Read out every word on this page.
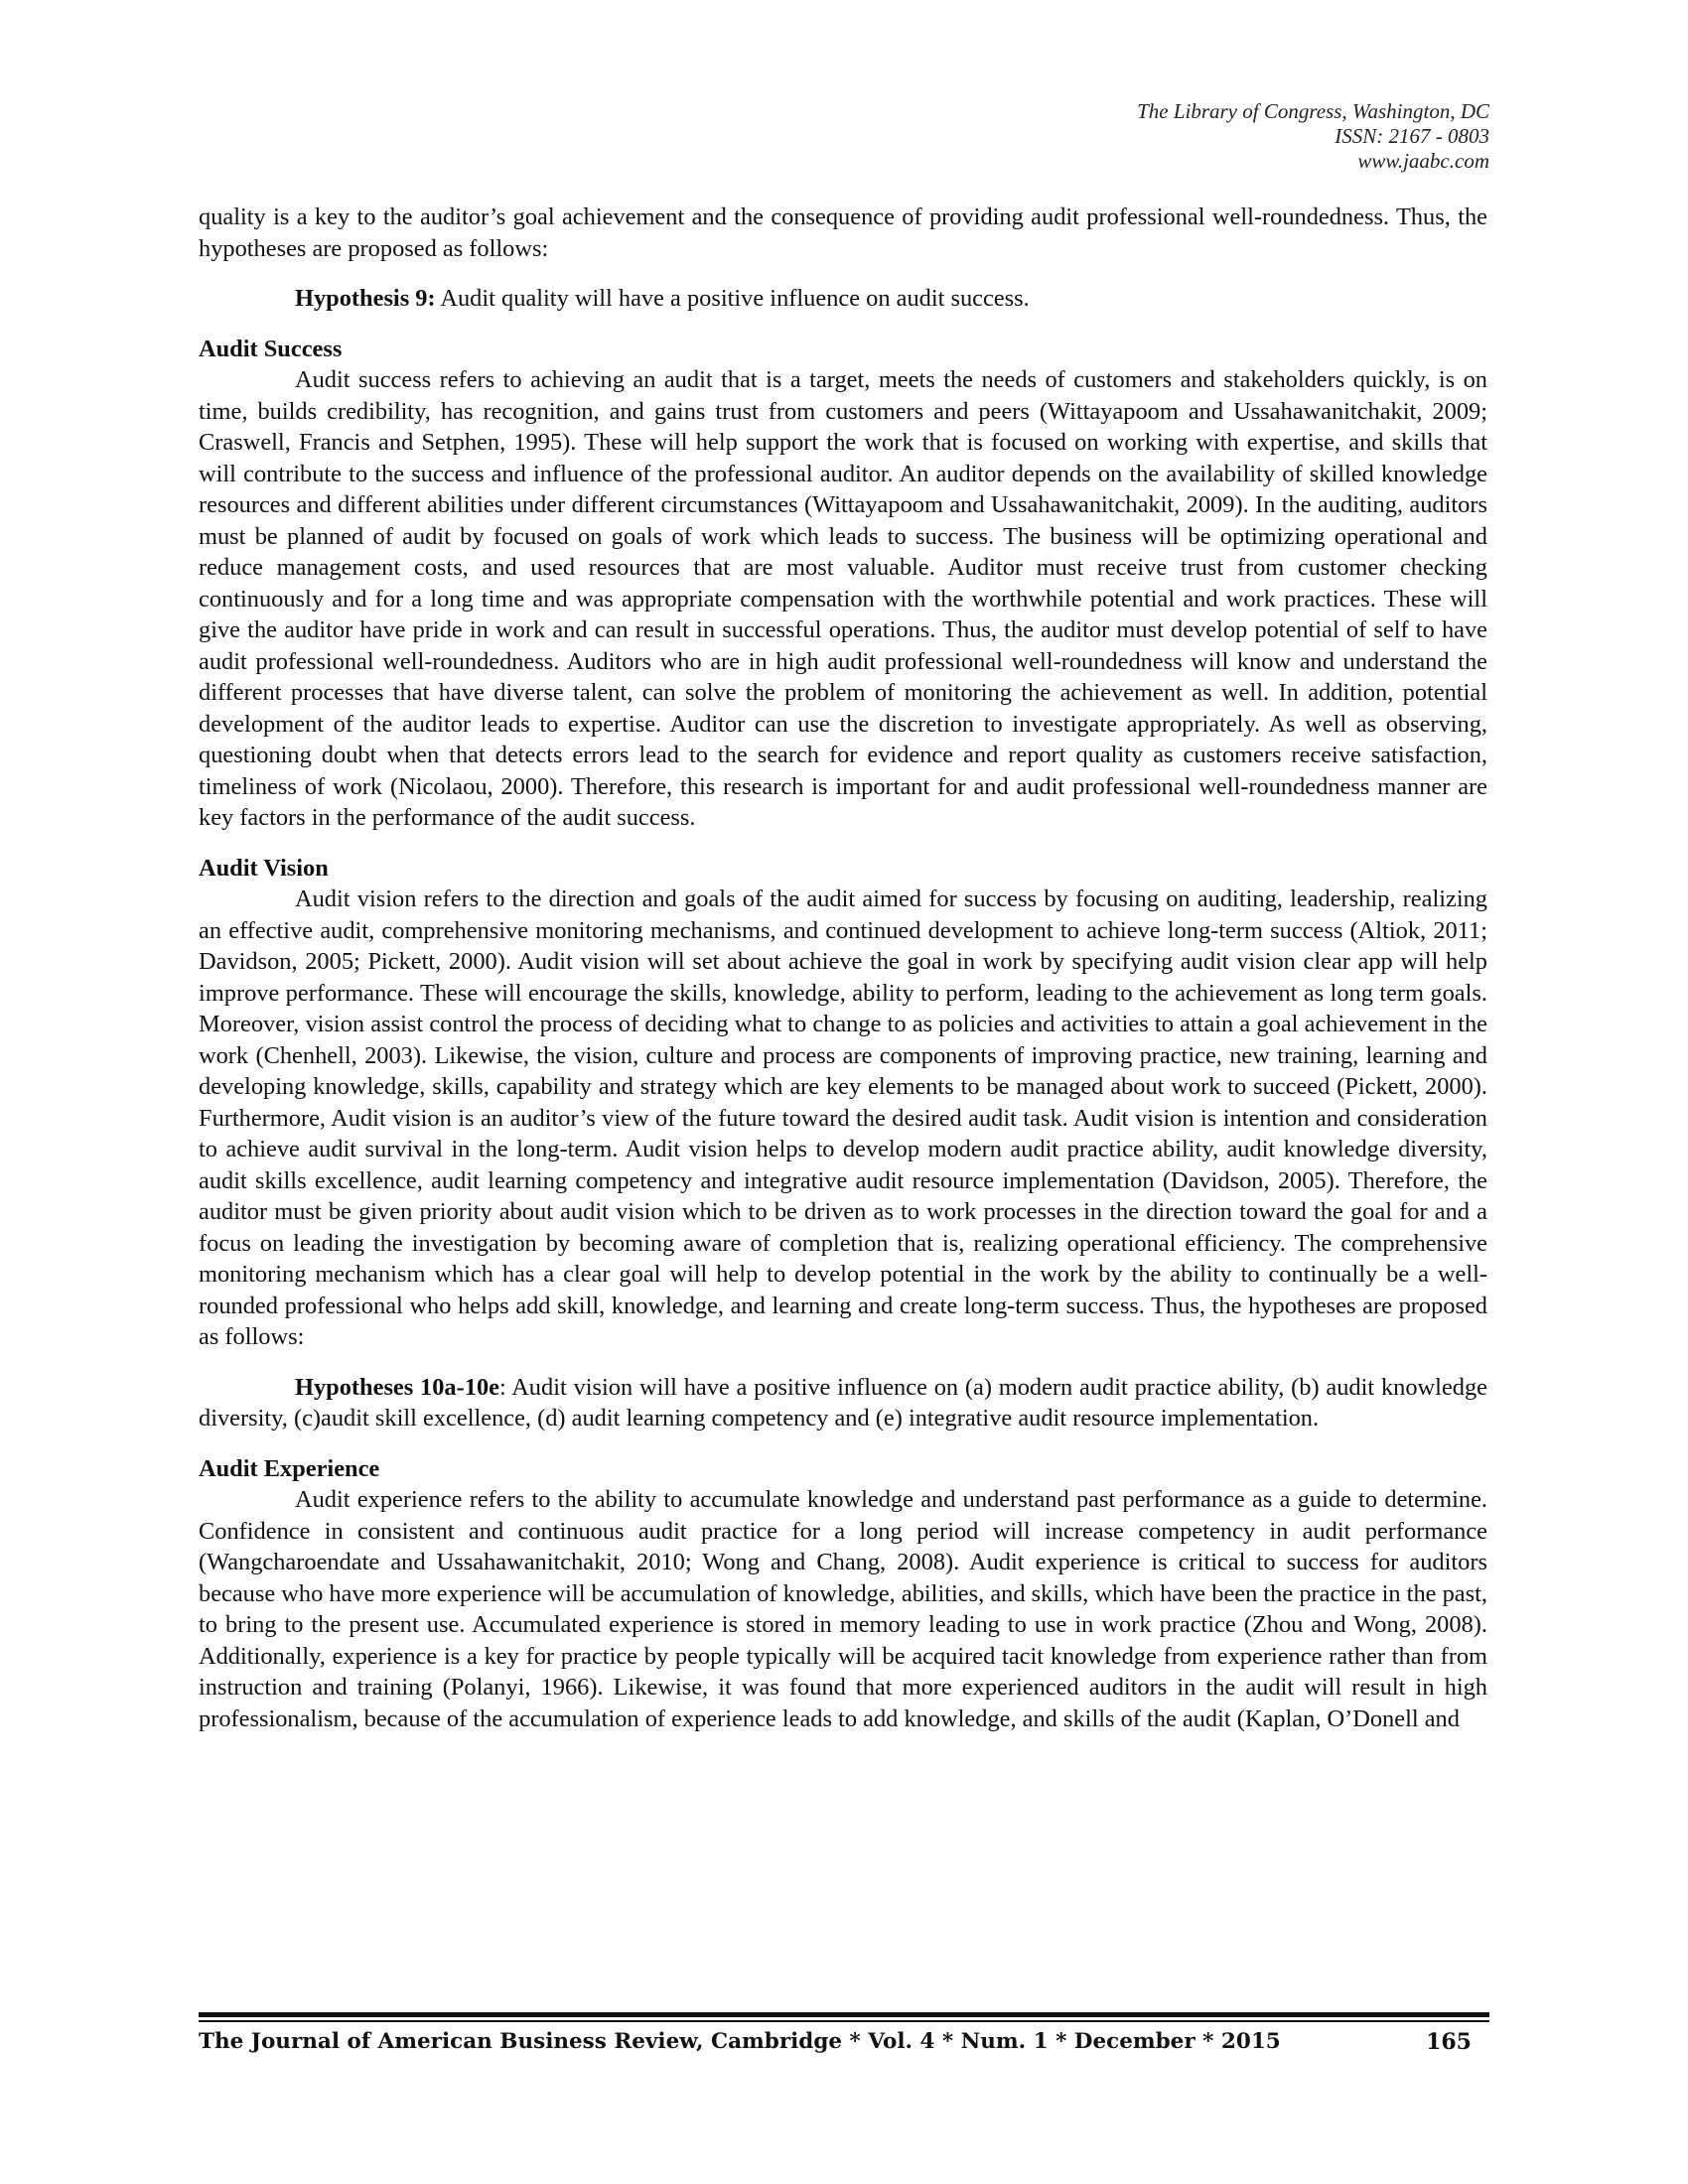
The Library of Congress, Washington, DC
ISSN: 2167 - 0803
www.jaabc.com

quality is a key to the auditor’s goal achievement and the consequence of providing audit professional well-roundedness. Thus, the hypotheses are proposed as follows:

Hypothesis 9: Audit quality will have a positive influence on audit success.

Audit Success

Audit success refers to achieving an audit that is a target, meets the needs of customers and stakeholders quickly, is on time, builds credibility, has recognition, and gains trust from customers and peers (Wittayapoom and Ussahawanitchakit, 2009; Craswell, Francis and Setphen, 1995). These will help support the work that is focused on working with expertise, and skills that will contribute to the success and influence of the professional auditor. An auditor depends on the availability of skilled knowledge resources and different abilities under different circumstances (Wittayapoom and Ussahawanitchakit, 2009). In the auditing, auditors must be planned of audit by focused on goals of work which leads to success. The business will be optimizing operational and reduce management costs, and used resources that are most valuable. Auditor must receive trust from customer checking continuously and for a long time and was appropriate compensation with the worthwhile potential and work practices. These will give the auditor have pride in work and can result in successful operations. Thus, the auditor must develop potential of self to have audit professional well-roundedness. Auditors who are in high audit professional well-roundedness will know and understand the different processes that have diverse talent, can solve the problem of monitoring the achievement as well. In addition, potential development of the auditor leads to expertise. Auditor can use the discretion to investigate appropriately. As well as observing, questioning doubt when that detects errors lead to the search for evidence and report quality as customers receive satisfaction, timeliness of work (Nicolaou, 2000). Therefore, this research is important for and audit professional well-roundedness manner are key factors in the performance of the audit success.

Audit Vision

Audit vision refers to the direction and goals of the audit aimed for success by focusing on auditing, leadership, realizing an effective audit, comprehensive monitoring mechanisms, and continued development to achieve long-term success (Altiok, 2011; Davidson, 2005; Pickett, 2000). Audit vision will set about achieve the goal in work by specifying audit vision clear app will help improve performance. These will encourage the skills, knowledge, ability to perform, leading to the achievement as long term goals. Moreover, vision assist control the process of deciding what to change to as policies and activities to attain a goal achievement in the work (Chenhell, 2003). Likewise, the vision, culture and process are components of improving practice, new training, learning and developing knowledge, skills, capability and strategy which are key elements to be managed about work to succeed (Pickett, 2000). Furthermore, Audit vision is an auditor’s view of the future toward the desired audit task. Audit vision is intention and consideration to achieve audit survival in the long-term. Audit vision helps to develop modern audit practice ability, audit knowledge diversity, audit skills excellence, audit learning competency and integrative audit resource implementation (Davidson, 2005). Therefore, the auditor must be given priority about audit vision which to be driven as to work processes in the direction toward the goal for and a focus on leading the investigation by becoming aware of completion that is, realizing operational efficiency. The comprehensive monitoring mechanism which has a clear goal will help to develop potential in the work by the ability to continually be a well-rounded professional who helps add skill, knowledge, and learning and create long-term success. Thus, the hypotheses are proposed as follows:

Hypotheses 10a-10e: Audit vision will have a positive influence on (a) modern audit practice ability, (b) audit knowledge diversity, (c)audit skill excellence, (d) audit learning competency and (e) integrative audit resource implementation.

Audit Experience

Audit experience refers to the ability to accumulate knowledge and understand past performance as a guide to determine. Confidence in consistent and continuous audit practice for a long period will increase competency in audit performance (Wangcharoendate and Ussahawanitchakit, 2010; Wong and Chang, 2008). Audit experience is critical to success for auditors because who have more experience will be accumulation of knowledge, abilities, and skills, which have been the practice in the past, to bring to the present use. Accumulated experience is stored in memory leading to use in work practice (Zhou and Wong, 2008). Additionally, experience is a key for practice by people typically will be acquired tacit knowledge from experience rather than from instruction and training (Polanyi, 1966). Likewise, it was found that more experienced auditors in the audit will result in high professionalism, because of the accumulation of experience leads to add knowledge, and skills of the audit (Kaplan, O’Donell and

The Journal of American Business Review, Cambridge * Vol. 4 * Num. 1 * December * 2015	165
